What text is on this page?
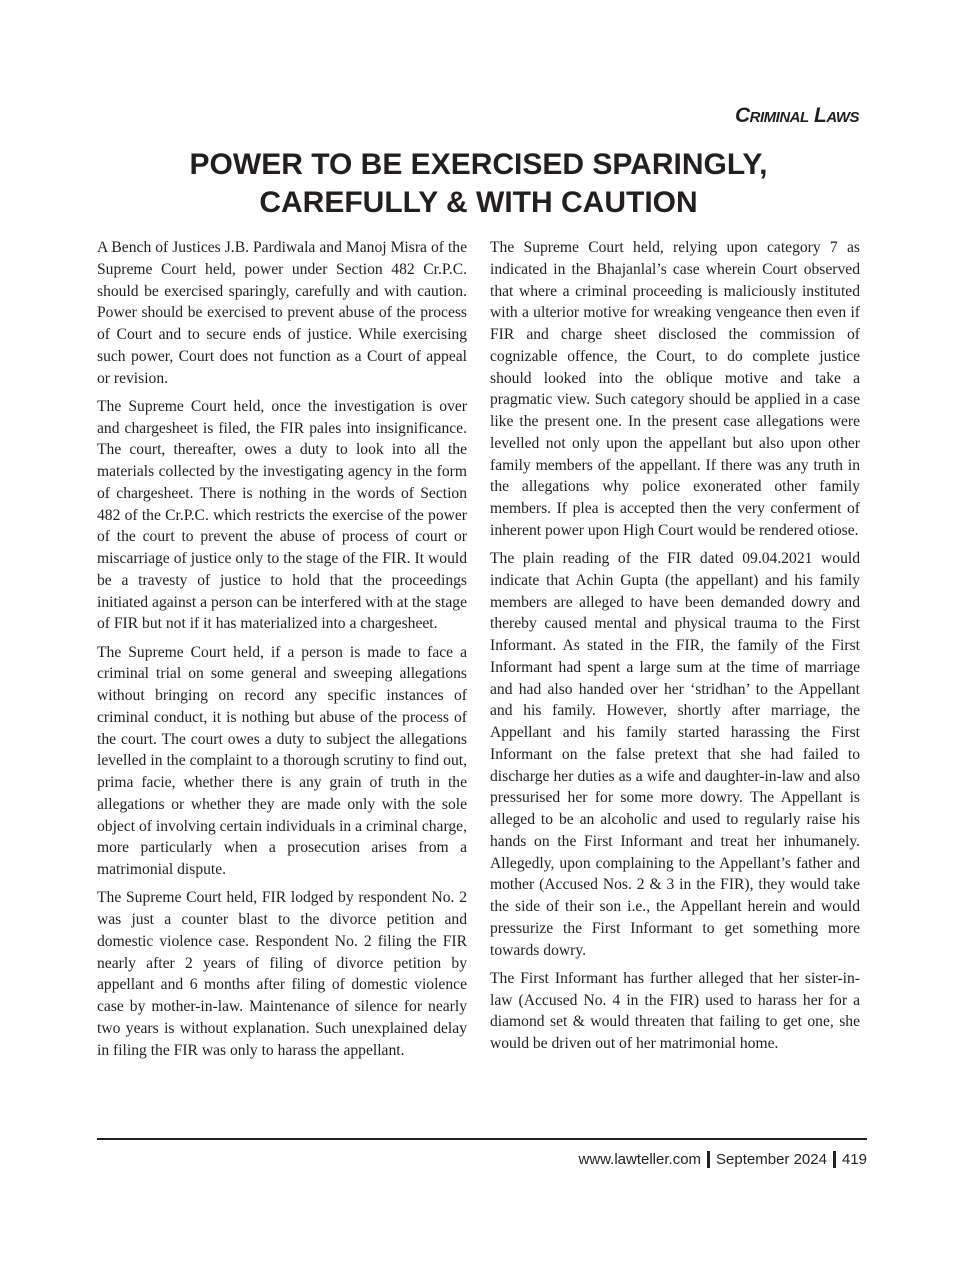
Criminal Laws
POWER TO BE EXERCISED SPARINGLY,
CAREFULLY & WITH CAUTION

A Bench of Justices J.B. Pardiwala and Manoj Misra of the Supreme Court held, power under Section 482 Cr.P.C. should be exercised sparingly, carefully and with caution. Power should be exercised to prevent abuse of the process of Court and to secure ends of justice. While exercising such power, Court does not function as a Court of appeal or revision.

The Supreme Court held, once the investigation is over and chargesheet is filed, the FIR pales into insignificance. The court, thereafter, owes a duty to look into all the materials collected by the investigating agency in the form of chargesheet. There is nothing in the words of Section 482 of the Cr.P.C. which restricts the exercise of the power of the court to prevent the abuse of process of court or miscarriage of justice only to the stage of the FIR. It would be a travesty of justice to hold that the proceedings initiated against a person can be interfered with at the stage of FIR but not if it has materialized into a chargesheet.

The Supreme Court held, if a person is made to face a criminal trial on some general and sweeping allegations without bringing on record any specific instances of criminal conduct, it is nothing but abuse of the process of the court. The court owes a duty to subject the allegations levelled in the complaint to a thorough scrutiny to find out, prima facie, whether there is any grain of truth in the allegations or whether they are made only with the sole object of involving certain individuals in a criminal charge, more particularly when a prosecution arises from a matrimonial dispute.

The Supreme Court held, FIR lodged by respondent No. 2 was just a counter blast to the divorce petition and domestic violence case. Respondent No. 2 filing the FIR nearly after 2 years of filing of divorce petition by appellant and 6 months after filing of domestic violence case by mother-in-law. Maintenance of silence for nearly two years is without explanation. Such unexplained delay in filing the FIR was only to harass the appellant.

The Supreme Court held, relying upon category 7 as indicated in the Bhajanlal’s case wherein Court observed that where a criminal proceeding is maliciously instituted with a ulterior motive for wreaking vengeance then even if FIR and charge sheet disclosed the commission of cognizable offence, the Court, to do complete justice should looked into the oblique motive and take a pragmatic view. Such category should be applied in a case like the present one. In the present case allegations were levelled not only upon the appellant but also upon other family members of the appellant. If there was any truth in the allegations why police exonerated other family members. If plea is accepted then the very conferment of inherent power upon High Court would be rendered otiose.

The plain reading of the FIR dated 09.04.2021 would indicate that Achin Gupta (the appellant) and his family members are alleged to have been demanded dowry and thereby caused mental and physical trauma to the First Informant. As stated in the FIR, the family of the First Informant had spent a large sum at the time of marriage and had also handed over her ‘stridhan’ to the Appellant and his family. However, shortly after marriage, the Appellant and his family started harassing the First Informant on the false pretext that she had failed to discharge her duties as a wife and daughter-in-law and also pressurised her for some more dowry. The Appellant is alleged to be an alcoholic and used to regularly raise his hands on the First Informant and treat her inhumanely. Allegedly, upon complaining to the Appellant’s father and mother (Accused Nos. 2 & 3 in the FIR), they would take the side of their son i.e., the Appellant herein and would pressurize the First Informant to get something more towards dowry.

The First Informant has further alleged that her sister-in-law (Accused No. 4 in the FIR) used to harass her for a diamond set & would threaten that failing to get one, she would be driven out of her matrimonial home.

www.lawteller.com September 2024 419
